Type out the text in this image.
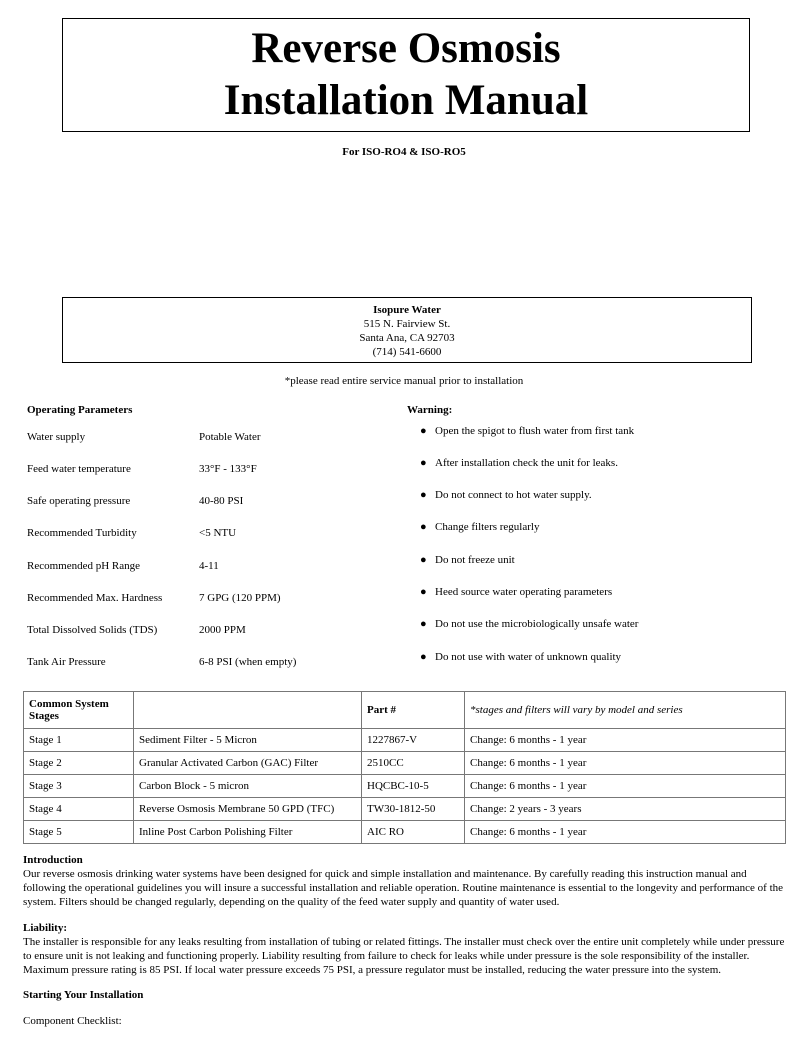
Reverse Osmosis
Installation Manual
For ISO-RO4 & ISO-RO5
Isopure Water
515 N. Fairview St.
Santa Ana, CA 92703
(714) 541-6600
*please read entire service manual prior to installation
Operating Parameters
Water supply	Potable Water
Feed water temperature	33°F - 133°F
Safe operating pressure	40-80 PSI
Recommended Turbidity	<5 NTU
Recommended pH Range	4-11
Recommended Max. Hardness	7 GPG (120 PPM)
Total Dissolved Solids (TDS)	2000 PPM
Tank Air Pressure	6-8 PSI (when empty)
Warning:
● Open the spigot to flush water from first tank
● After installation check the unit for leaks.
● Do not connect to hot water supply.
● Change filters regularly
● Do not freeze unit
● Heed source water operating parameters
● Do not use the microbiologically unsafe water
● Do not use with water of unknown quality
Common System Stages		Part #	*stages and filters will vary by model and series
Stage 1	Sediment Filter - 5 Micron	1227867-V	Change: 6 months - 1 year
Stage 2	Granular Activated Carbon (GAC) Filter	2510CC	Change: 6 months - 1 year
Stage 3	Carbon Block - 5 micron	HQCBC-10-5	Change: 6 months - 1 year
Stage 4	Reverse Osmosis Membrane 50 GPD (TFC)	TW30-1812-50	Change: 2 years - 3 years
Stage 5	Inline Post Carbon Polishing Filter	AIC RO	Change: 6 months - 1 year
Introduction
Our reverse osmosis drinking water systems have been designed for quick and simple installation and maintenance. By carefully reading this instruction manual and following the operational guidelines you will insure a successful installation and reliable operation. Routine maintenance is essential to the longevity and performance of the system. Filters should be changed regularly, depending on the quality of the feed water supply and quantity of water used.
Liability:
The installer is responsible for any leaks resulting from installation of tubing or related fittings. The installer must check over the entire unit completely while under pressure to ensure unit is not leaking and functioning properly. Liability resulting from failure to check for leaks while under pressure is the sole responsibility of the installer. Maximum pressure rating is 85 PSI. If local water pressure exceeds 75 PSI, a pressure regulator must be installed, reducing the water pressure into the system.
Starting Your Installation
Component Checklist:
